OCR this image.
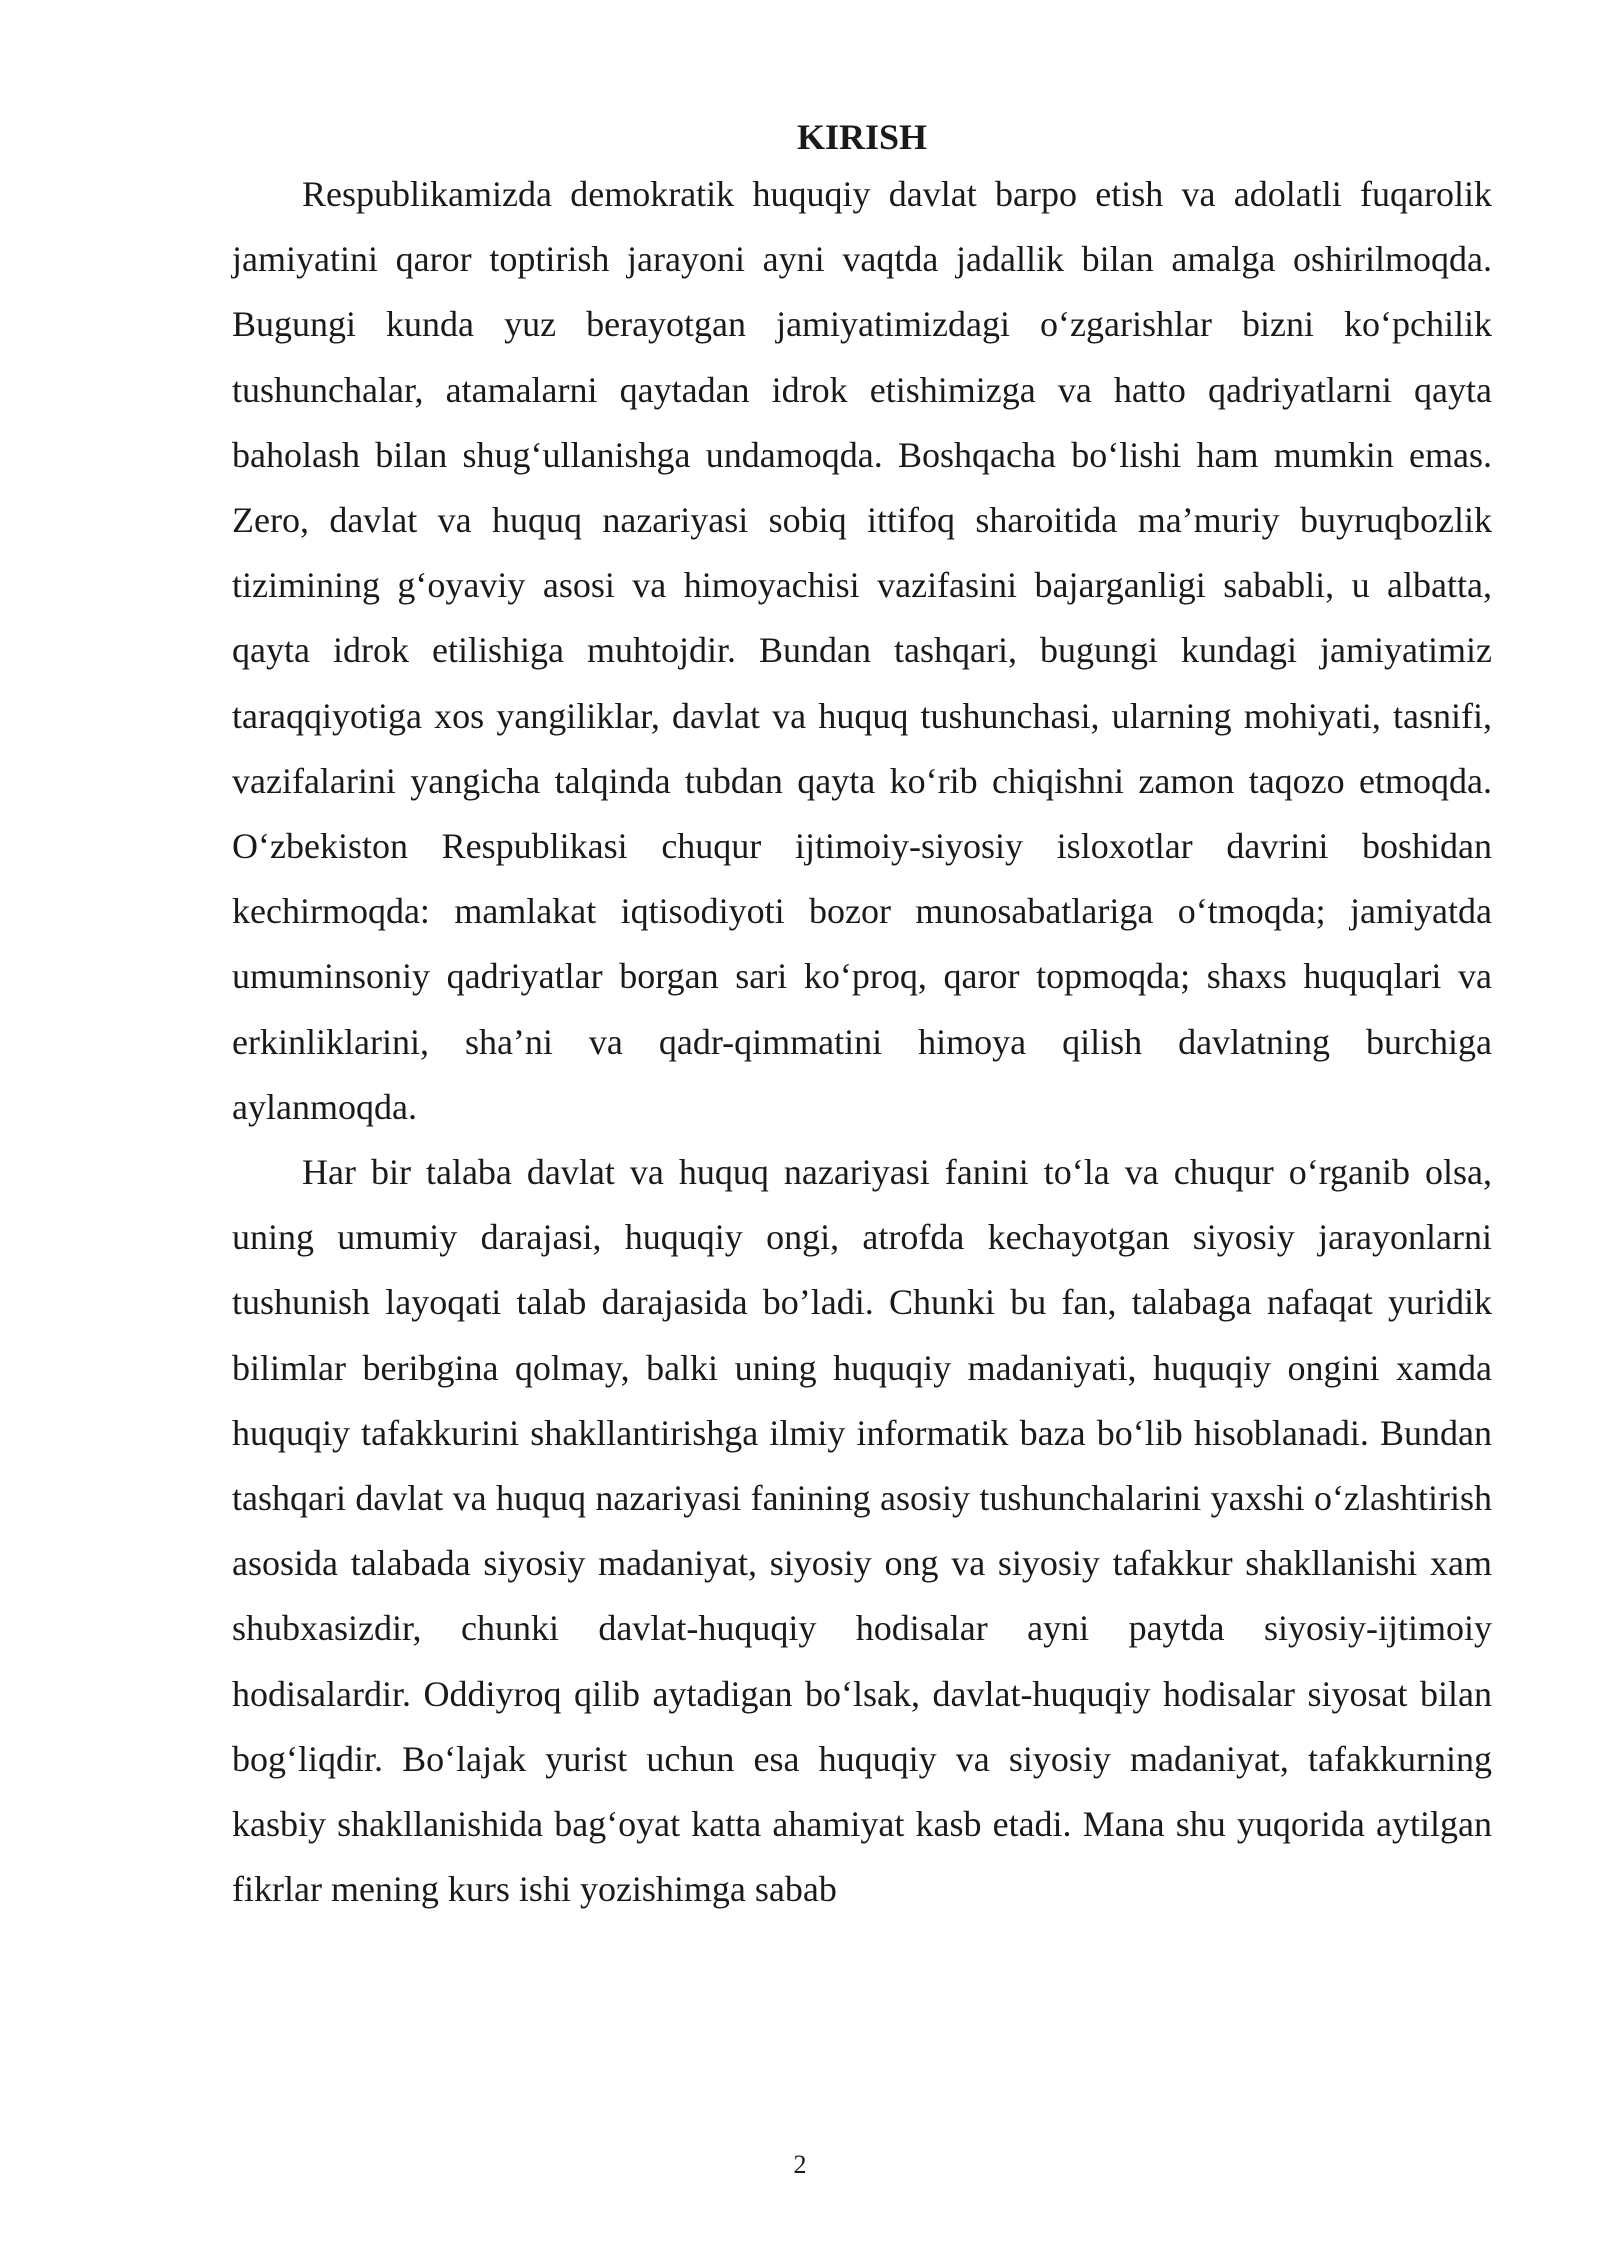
KIRISH

Respublikamizda demokratik huquqiy davlat barpo etish va adolatli fuqarolik jamiyatini qaror toptirish jarayoni ayni vaqtda jadallik bilan amalga oshirilmoqda. Bugungi kunda yuz berayotgan jamiyatimizdagi o‘zgarishlar bizni ko‘pchilik tushunchalar, atamalarni qaytadan idrok etishimizga va hatto qadriyatlarni qayta baholash bilan shug‘ullanishga undamoqda. Boshqacha bo‘lishi ham mumkin emas. Zero, davlat va huquq nazariyasi sobiq ittifoq sharoitida ma’muriy buyruqbozlik tizimining g‘oyaviy asosi va himoyachisi vazifasini bajarganligi sababli, u albatta, qayta idrok etilishiga muhtojdir. Bundan tashqari, bugungi kundagi jamiyatimiz taraqqiyotiga xos yangiliklar, davlat va huquq tushunchasi, ularning mohiyati, tasnifi, vazifalarini yangicha talqinda tubdan qayta ko‘rib chiqishni zamon taqozo etmoqda. O‘zbekiston Respublikasi chuqur ijtimoiy-siyosiy isloxotlar davrini boshidan kechirmoqda: mamlakat iqtisodiyoti bozor munosabatlariga o‘tmoqda; jamiyatda umuminsoniy qadriyatlar borgan sari ko‘proq, qaror topmoqda; shaxs huquqlari va erkinliklarini, sha’ni va qadr-qimmatini himoya qilish davlatning burchiga aylanmoqda.

Har bir talaba davlat va huquq nazariyasi fanini to‘la va chuqur o‘rganib olsa, uning umumiy darajasi, huquqiy ongi, atrofda kechayotgan siyosiy jarayonlarni tushunish layoqati talab darajasida bo’ladi. Chunki bu fan, talabaga nafaqat yuridik bilimlar beribgina qolmay, balki uning huquqiy madaniyati, huquqiy ongini xamda huquqiy tafakkurini shakllantirishga ilmiy informatik baza bo‘lib hisoblanadi. Bundan tashqari davlat va huquq nazariyasi fanining asosiy tushunchalarini yaxshi o‘zlashtirish asosida talabada siyosiy madaniyat, siyosiy ong va siyosiy tafakkur shakllanishi xam shubxasizdir, chunki davlat-huquqiy hodisalar ayni paytda siyosiy-ijtimoiy hodisalardir. Oddiyroq qilib aytadigan bo‘lsak, davlat-huquqiy hodisalar siyosat bilan bog‘liqdir. Bo‘lajak yurist uchun esa huquqiy va siyosiy madaniyat, tafakkurning kasbiy shakllanishida bag‘oyat katta ahamiyat kasb etadi. Mana shu yuqorida aytilgan fikrlar mening kurs ishi yozishimga sabab

2
